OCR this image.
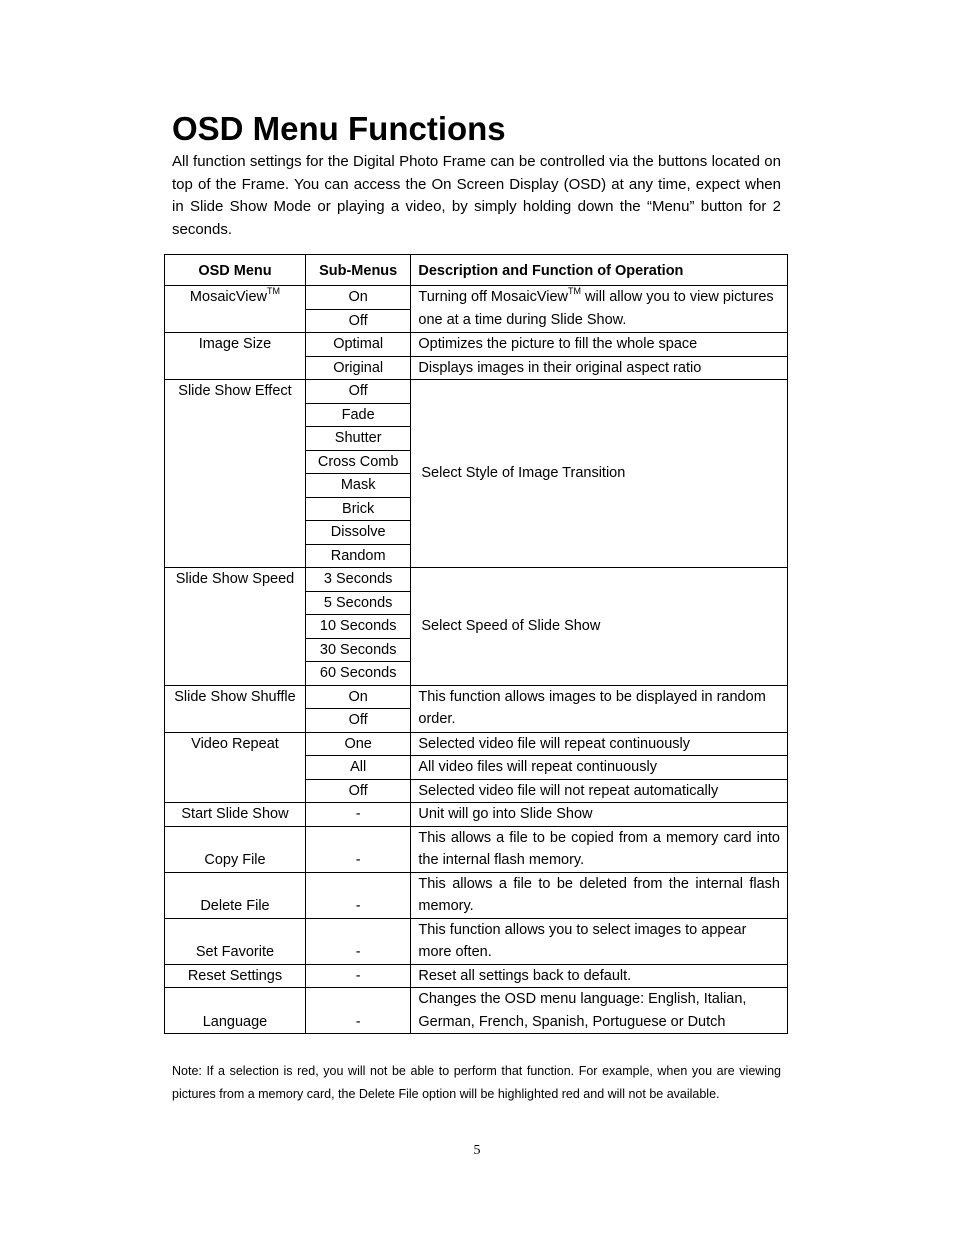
OSD Menu Functions

All function settings for the Digital Photo Frame can be controlled via the buttons located on top of the Frame. You can access the On Screen Display (OSD) at any time, expect when in Slide Show Mode or playing a video, by simply holding down the “Menu” button for 2 seconds.

OSD Menu	Sub-Menus	Description and Function of Operation
MosaicView™	On	Turning off MosaicView™ will allow you to view pictures one at a time during Slide Show.
	Off	
Image Size	Optimal	Optimizes the picture to fill the whole space
	Original	Displays images in their original aspect ratio
Slide Show Effect	Off	Select Style of Image Transition
	Fade	
	Shutter	
	Cross Comb	
	Mask	
	Brick	
	Dissolve	
	Random	
Slide Show Speed	3 Seconds	Select Speed of Slide Show
	5 Seconds	
	10 Seconds	
	30 Seconds	
	60 Seconds	
Slide Show Shuffle	On	This function allows images to be displayed in random order.
	Off	
Video Repeat	One	Selected video file will repeat continuously
	All	All video files will repeat continuously
	Off	Selected video file will not repeat automatically
Start Slide Show	-	Unit will go into Slide Show
Copy File	-	This allows a file to be copied from a memory card into the internal flash memory.
Delete File	-	This allows a file to be deleted from the internal flash memory.
Set Favorite	-	This function allows you to select images to appear more often.
Reset Settings	-	Reset all settings back to default.
Language	-	Changes the OSD menu language: English, Italian, German, French, Spanish, Portuguese or Dutch

Note: If a selection is red, you will not be able to perform that function. For example, when you are viewing pictures from a memory card, the Delete File option will be highlighted red and will not be available.

5
